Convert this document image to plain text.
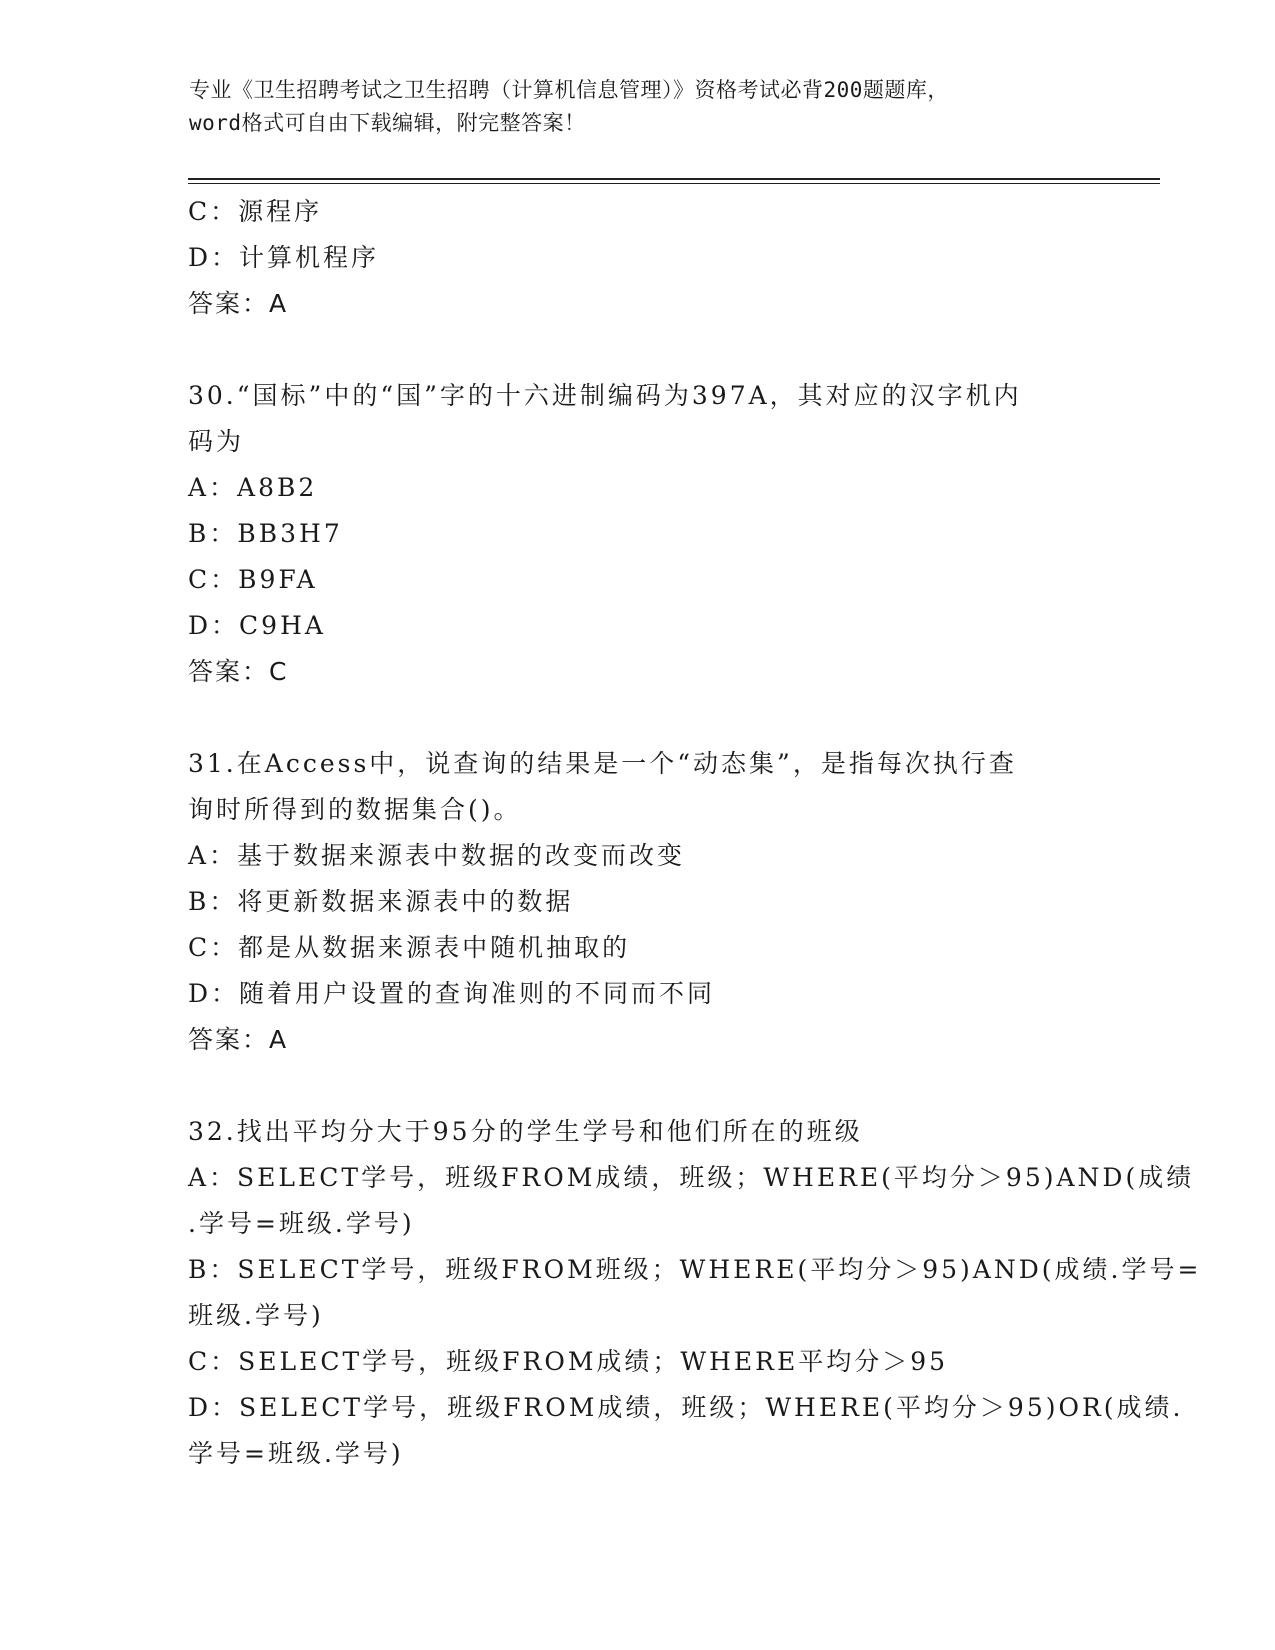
专业《卫生招聘考试之卫生招聘（计算机信息管理）》资格考试必背200题题库，
word格式可自由下载编辑，附完整答案！
C：源程序
D：计算机程序
答案：A
30.“国标”中的“国”字的十六进制编码为397A，其对应的汉字机内
码为
A：A8B2
B：BB3H7
C：B9FA
D：C9HA
答案：C
31.在Access中，说查询的结果是一个“动态集”，是指每次执行查
询时所得到的数据集合()。
A：基于数据来源表中数据的改变而改变
B：将更新数据来源表中的数据
C：都是从数据来源表中随机抽取的
D：随着用户设置的查询准则的不同而不同
答案：A
32.找出平均分大于95分的学生学号和他们所在的班级
A：SELECT学号，班级FROM成绩，班级；WHERE(平均分＞95)AND(成绩
.学号=班级.学号)
B：SELECT学号，班级FROM班级；WHERE(平均分＞95)AND(成绩.学号=
班级.学号)
C：SELECT学号，班级FROM成绩；WHERE平均分＞95
D：SELECT学号，班级FROM成绩，班级；WHERE(平均分＞95)OR(成绩.
学号=班级.学号)
